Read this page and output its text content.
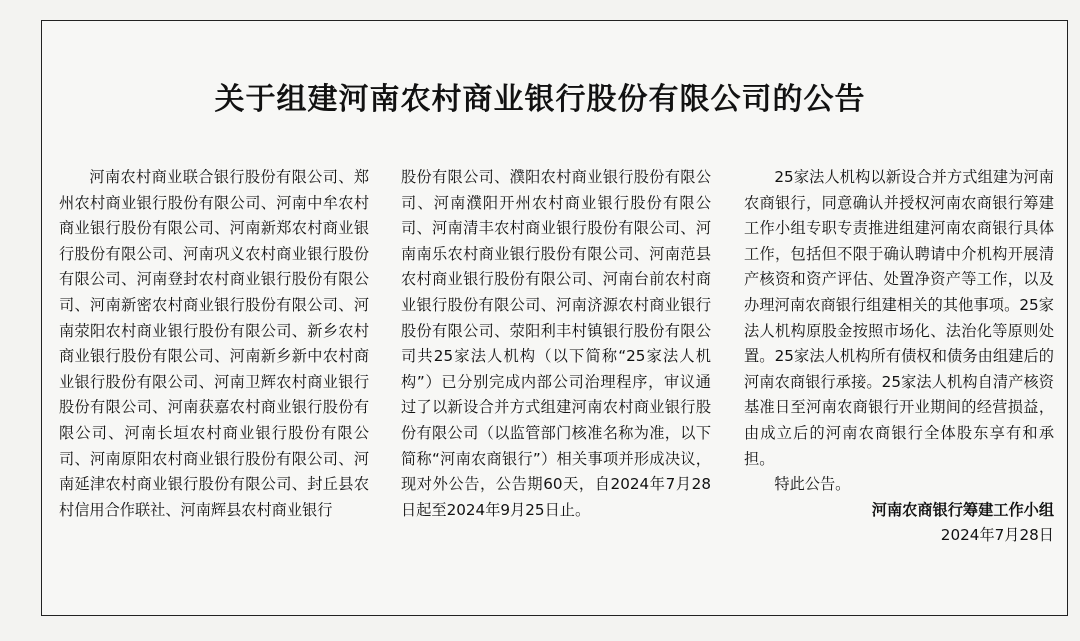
关于组建河南农村商业银行股份有限公司的公告

河南农村商业联合银行股份有限公司、郑州农村商业银行股份有限公司、河南中牟农村商业银行股份有限公司、河南新郑农村商业银行股份有限公司、河南巩义农村商业银行股份有限公司、河南登封农村商业银行股份有限公司、河南新密农村商业银行股份有限公司、河南荥阳农村商业银行股份有限公司、新乡农村商业银行股份有限公司、河南新乡新中农村商业银行股份有限公司、河南卫辉农村商业银行股份有限公司、河南获嘉农村商业银行股份有限公司、河南长垣农村商业银行股份有限公司、河南原阳农村商业银行股份有限公司、河南延津农村商业银行股份有限公司、封丘县农村信用合作联社、河南辉县农村商业银行

股份有限公司、濮阳农村商业银行股份有限公司、河南濮阳开州农村商业银行股份有限公司、河南清丰农村商业银行股份有限公司、河南南乐农村商业银行股份有限公司、河南范县农村商业银行股份有限公司、河南台前农村商业银行股份有限公司、河南济源农村商业银行股份有限公司、荥阳利丰村镇银行股份有限公司共25家法人机构（以下简称“25家法人机构”）已分别完成内部公司治理程序，审议通过了以新设合并方式组建河南农村商业银行股份有限公司（以监管部门核准名称为准，以下简称“河南农商银行”）相关事项并形成决议，现对外公告，公告期60天，自2024年7月28日起至2024年9月25日止。

25家法人机构以新设合并方式组建为河南农商银行，同意确认并授权河南农商银行筹建工作小组专职专责推进组建河南农商银行具体工作，包括但不限于确认聘请中介机构开展清产核资和资产评估、处置净资产等工作，以及办理河南农商银行组建相关的其他事项。25家法人机构原股金按照市场化、法治化等原则处置。25家法人机构所有债权和债务由组建后的河南农商银行承接。25家法人机构自清产核资基准日至河南农商银行开业期间的经营损益，由成立后的河南农商银行全体股东享有和承担。

特此公告。

河南农商银行筹建工作小组

2024年7月28日
